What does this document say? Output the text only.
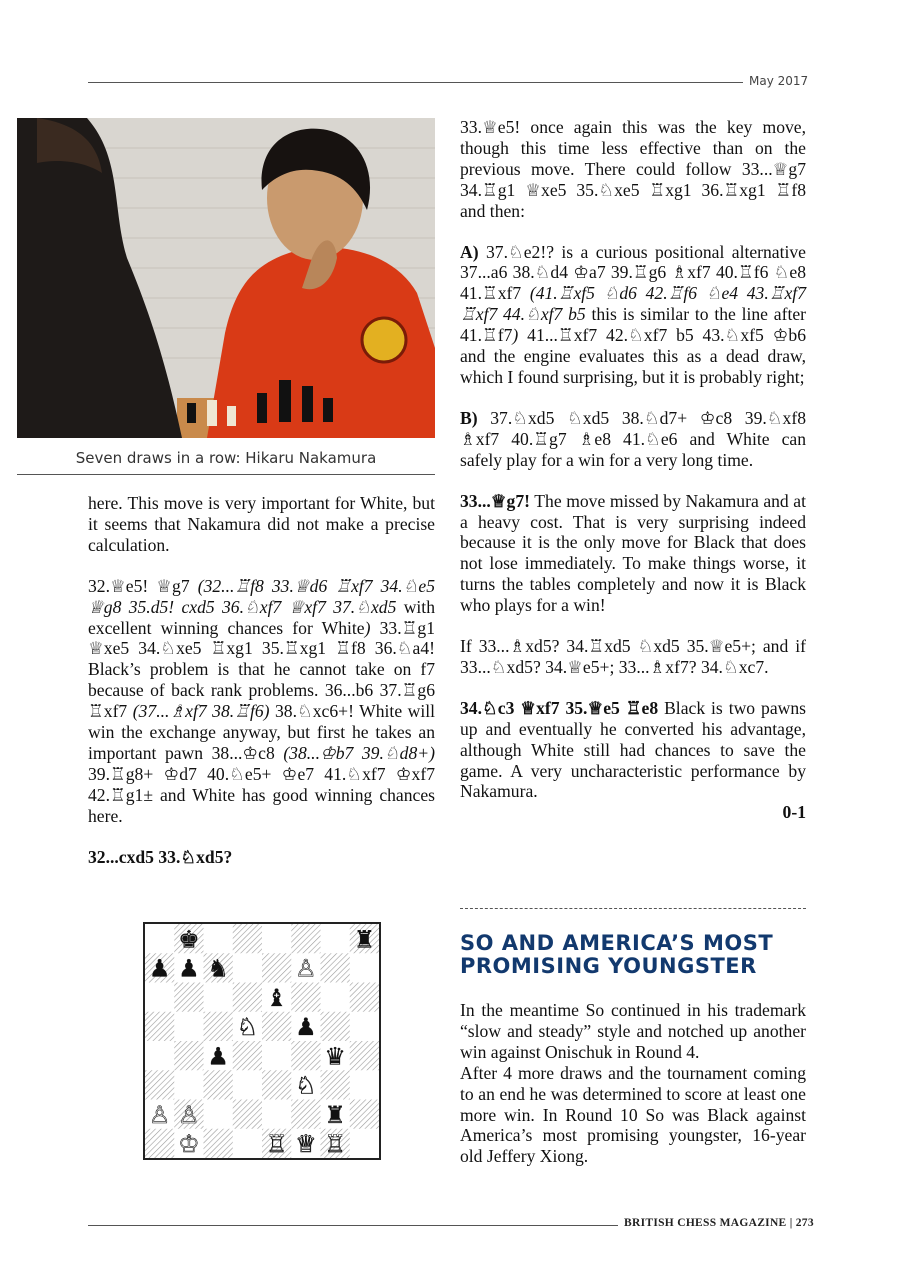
May 2017
Seven draws in a row: Hikaru Nakamura

here. This move is very important for White, but it seems that Nakamura did not make a precise calculation.

32.♕e5! ♕g7 (32...♖f8 33.♕d6 ♖xf7 34.♘e5 ♕g8 35.d5! cxd5 36.♘xf7 ♕xf7 37.♘xd5 with excellent winning chances for White) 33.♖g1 ♕xe5 34.♘xe5 ♖xg1 35.♖xg1 ♖f8 36.♘a4! Black’s problem is that he cannot take on f7 because of back rank problems. 36...b6 37.♖g6 ♖xf7 (37...♗xf7 38.♖f6) 38.♘xc6+! White will win the exchange anyway, but first he takes an important pawn 38...♔c8 (38...♔b7 39.♘d8+) 39.♖g8+ ♔d7 40.♘e5+ ♔e7 41.♘xf7 ♔xf7 42.♖g1± and White has good winning chances here.

32...cxd5 33.♘xd5?

33.♕e5! once again this was the key move, though this time less effective than on the previous move. There could follow 33...♕g7 34.♖g1 ♕xe5 35.♘xe5 ♖xg1 36.♖xg1 ♖f8 and then:

A) 37.♘e2!? is a curious positional alternative 37...a6 38.♘d4 ♔a7 39.♖g6 ♗xf7 40.♖f6 ♘e8 41.♖xf7 (41.♖xf5 ♘d6 42.♖f6 ♘e4 43.♖xf7 ♖xf7 44.♘xf7 b5 this is similar to the line after 41.♖f7) 41...♖xf7 42.♘xf7 b5 43.♘xf5 ♔b6 and the engine evaluates this as a dead draw, which I found surprising, but it is probably right;

B) 37.♘xd5 ♘xd5 38.♘d7+ ♔c8 39.♘xf8 ♗xf7 40.♖g7 ♗e8 41.♘e6 and White can safely play for a win for a very long time.

33...♕g7! The move missed by Nakamura and at a heavy cost. That is very surprising indeed because it is the only move for Black that does not lose immediately. To make things worse, it turns the tables completely and now it is Black who plays for a win!

If 33...♗xd5? 34.♖xd5 ♘xd5 35.♕e5+; and if 33...♘xd5? 34.♕e5+; 33...♗xf7? 34.♘xc7.

34.♘c3 ♕xf7 35.♕e5 ♖e8 Black is two pawns up and eventually he converted his advantage, although White still had chances to save the game. A very uncharacteristic performance by Nakamura.

0-1

SO AND AMERICA’S MOST PROMISING YOUNGSTER

In the meantime So continued in his trademark “slow and steady” style and notched up another win against Onischuk in Round 4.

After 4 more draws and the tournament coming to an end he was determined to score at least one more win. In Round 10 So was Black against America’s most promising youngster, 16-year old Jeffery Xiong.

♚	♜
♟ ♟ ♞	♙
♝
♘ ♟
♟	♛
♘
♙ ♙	♜
♔	♖ ♕ ♖
BRITISH CHESS MAGAZINE | 273
